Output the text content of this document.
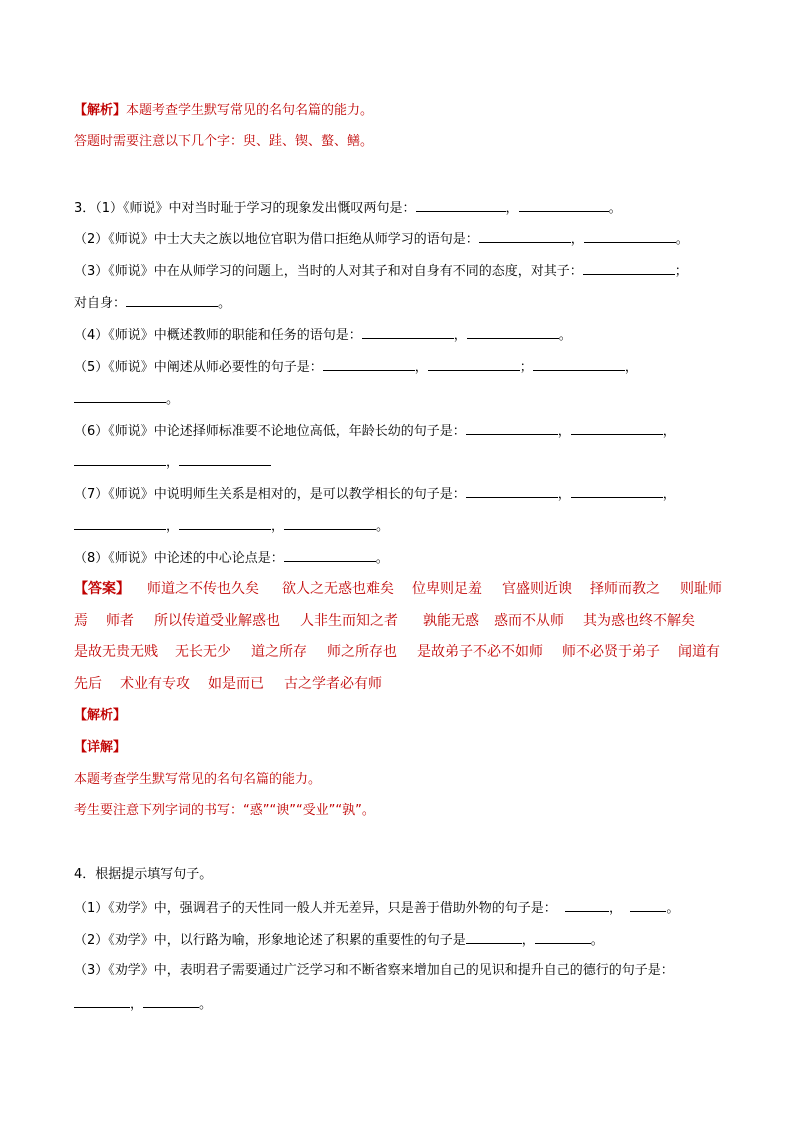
【解析】本题考查学生默写常见的名句名篇的能力。
答题时需要注意以下几个字：臾、跬、锲、螯、鳝。
3．（1）《师说》中对当时耻于学习的现象发出慨叹两句是：	，	。
（2）《师说》中士大夫之族以地位官职为借口拒绝从师学习的语句是：	，	。
（3）《师说》中在从师学习的问题上，当时的人对其子和对自身有不同的态度，对其子：	；
对自身：	。
（4）《师说》中概述教师的职能和任务的语句是：	，	。
（5）《师说》中阐述从师必要性的句子是：	，	；	，
。
（6）《师说》中论述择师标准要不论地位高低，年龄长幼的句子是：	，	，
，
（7）《师说》中说明师生关系是相对的，是可以教学相长的句子是：	，	，
，	，	。
（8）《师说》中论述的中心论点是：	。
【答案】 师道之不传也久矣 欲人之无惑也难矣 位卑则足羞 官盛则近谀 择师而教之 则耻师
焉 师者 所以传道受业解惑也 人非生而知之者 孰能无惑 惑而不从师 其为惑也终不解矣
是故无贵无贱 无长无少 道之所存 师之所存也 是故弟子不必不如师 师不必贤于弟子 闻道有
先后 术业有专攻 如是而已 古之学者必有师
【解析】
【详解】
本题考查学生默写常见的名句名篇的能力。
考生要注意下列字词的书写：“惑”“谀”“受业”“孰”。
4．根据提示填写句子。
（1）《劝学》中，强调君子的天性同一般人并无差异，只是善于借助外物的句子是：	，	。
（2）《劝学》中，以行路为喻，形象地论述了积累的重要性的句子是	，	。
（3）《劝学》中，表明君子需要通过广泛学习和不断省察来增加自己的见识和提升自己的德行的句子是：
，	。
